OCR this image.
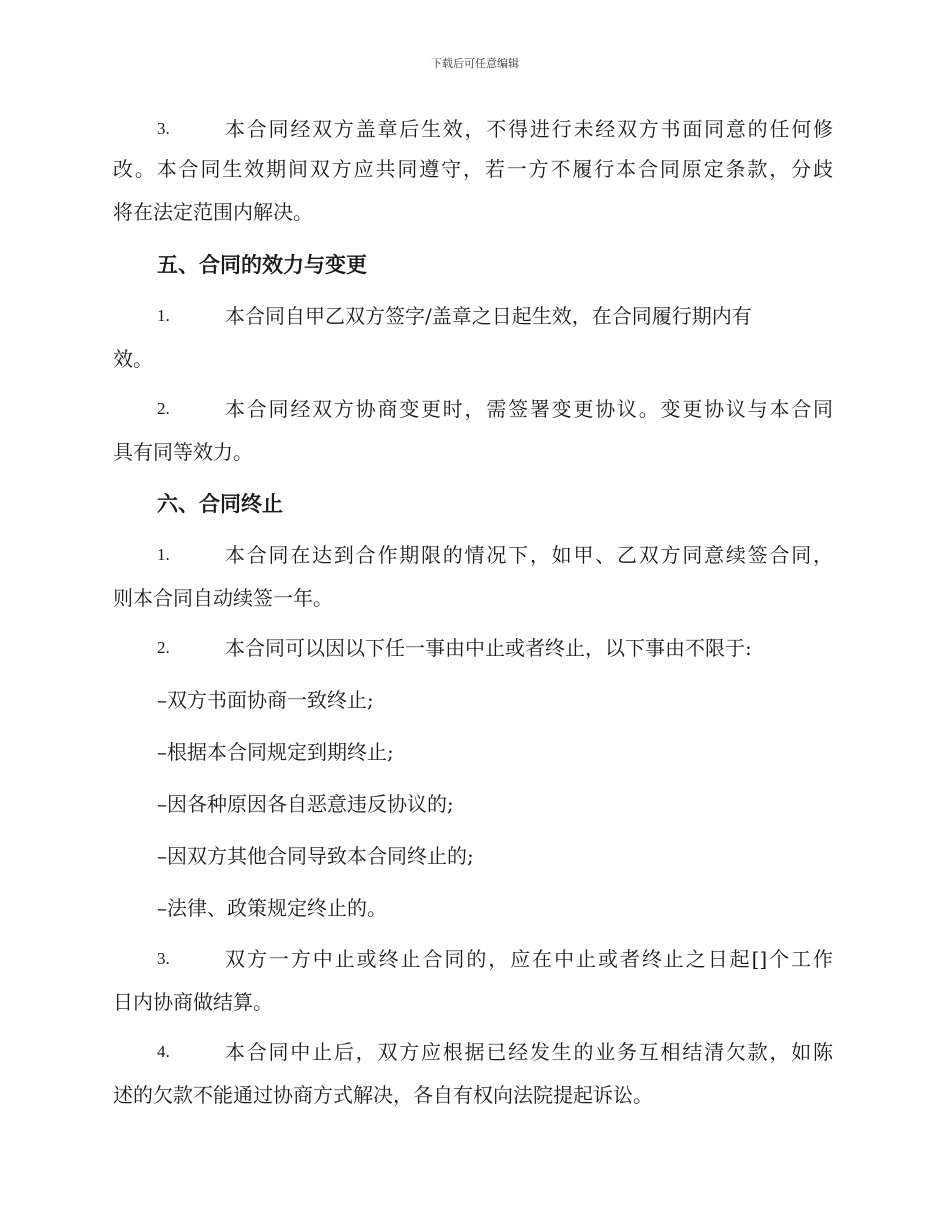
下载后可任意编辑
3.	本合同经双方盖章后生效，不得进行未经双方书面同意的任何修
改。本合同生效期间双方应共同遵守，若一方不履行本合同原定条款，分歧
将在法定范围内解决。
五、合同的效力与变更
1.	本合同自甲乙双方签字/盖章之日起生效，在合同履行期内有
效。
2.	本合同经双方协商变更时，需签署变更协议。变更协议与本合同
具有同等效力。
六、合同终止
1.	本合同在达到合作期限的情况下，如甲、乙双方同意续签合同，
则本合同自动续签一年。
2.	本合同可以因以下任一事由中止或者终止，以下事由不限于:
–双方书面协商一致终止;
–根据本合同规定到期终止;
–因各种原因各自恶意违反协议的;
–因双方其他合同导致本合同终止的;
–法律、政策规定终止的。
3.	双方一方中止或终止合同的，应在中止或者终止之日起[]个工作
日内协商做结算。
4.	本合同中止后，双方应根据已经发生的业务互相结清欠款，如陈
述的欠款不能通过协商方式解决，各自有权向法院提起诉讼。
